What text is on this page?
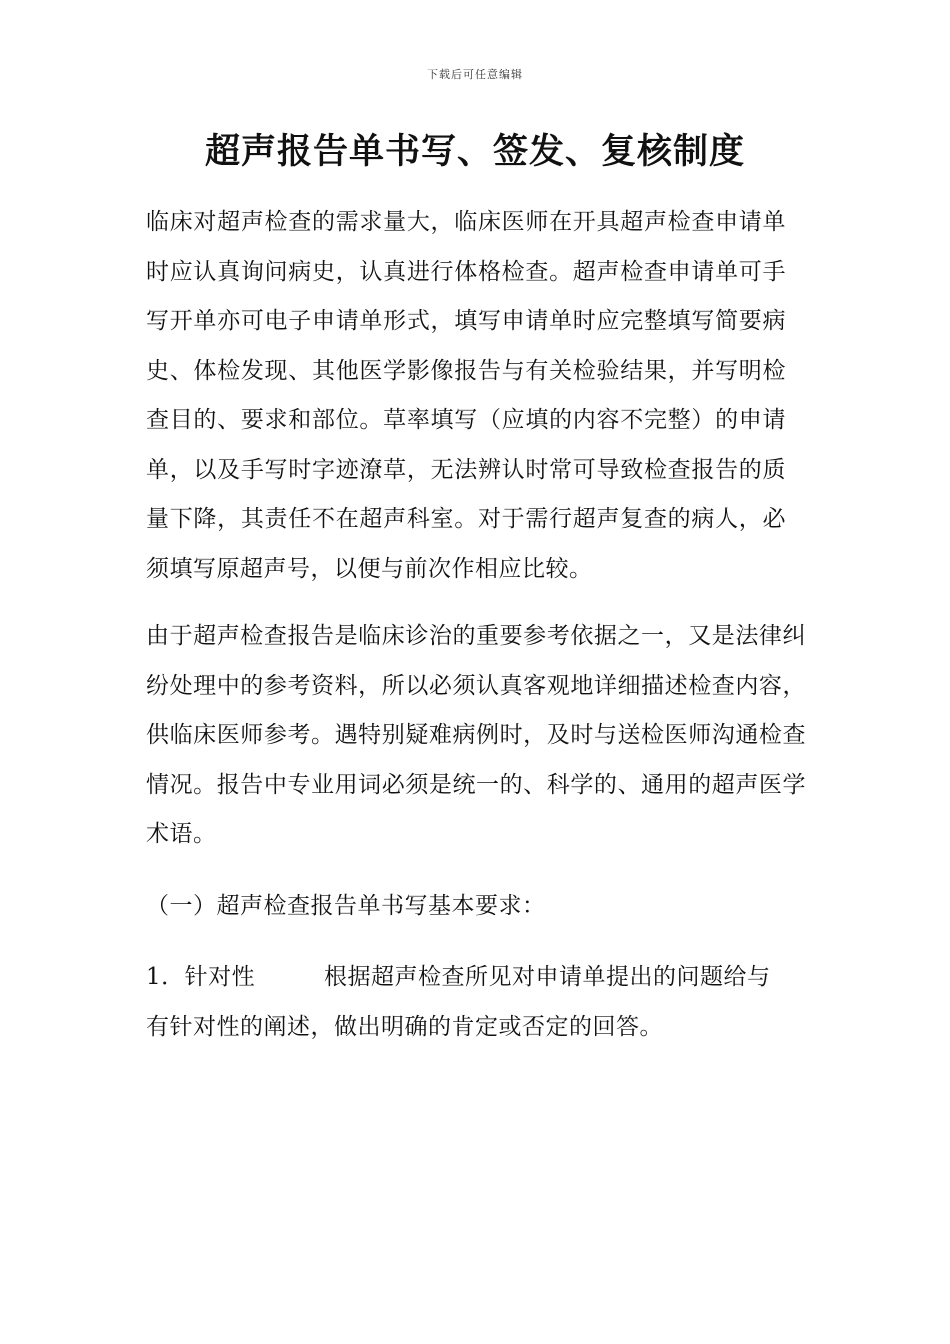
下载后可任意编辑
超声报告单书写、签发、复核制度

临床对超声检查的需求量大，临床医师在开具超声检查申请单时应认真询问病史，认真进行体格检查。超声检查申请单可手写开单亦可电子申请单形式，填写申请单时应完整填写简要病史、体检发现、其他医学影像报告与有关检验结果，并写明检查目的、要求和部位。草率填写（应填的内容不完整）的申请单，以及手写时字迹潦草，无法辨认时常可导致检查报告的质量下降，其责任不在超声科室。对于需行超声复查的病人，必须填写原超声号，以便与前次作相应比较。

由于超声检查报告是临床诊治的重要参考依据之一，又是法律纠纷处理中的参考资料，所以必须认真客观地详细描述检查内容，供临床医师参考。遇特别疑难病例时，及时与送检医师沟通检查情况。报告中专业用词必须是统一的、科学的、通用的超声医学术语。

（一）超声检查报告单书写基本要求：

1．针对性	根据超声检查所见对申请单提出的问题给与有针对性的阐述，做出明确的肯定或否定的回答。
